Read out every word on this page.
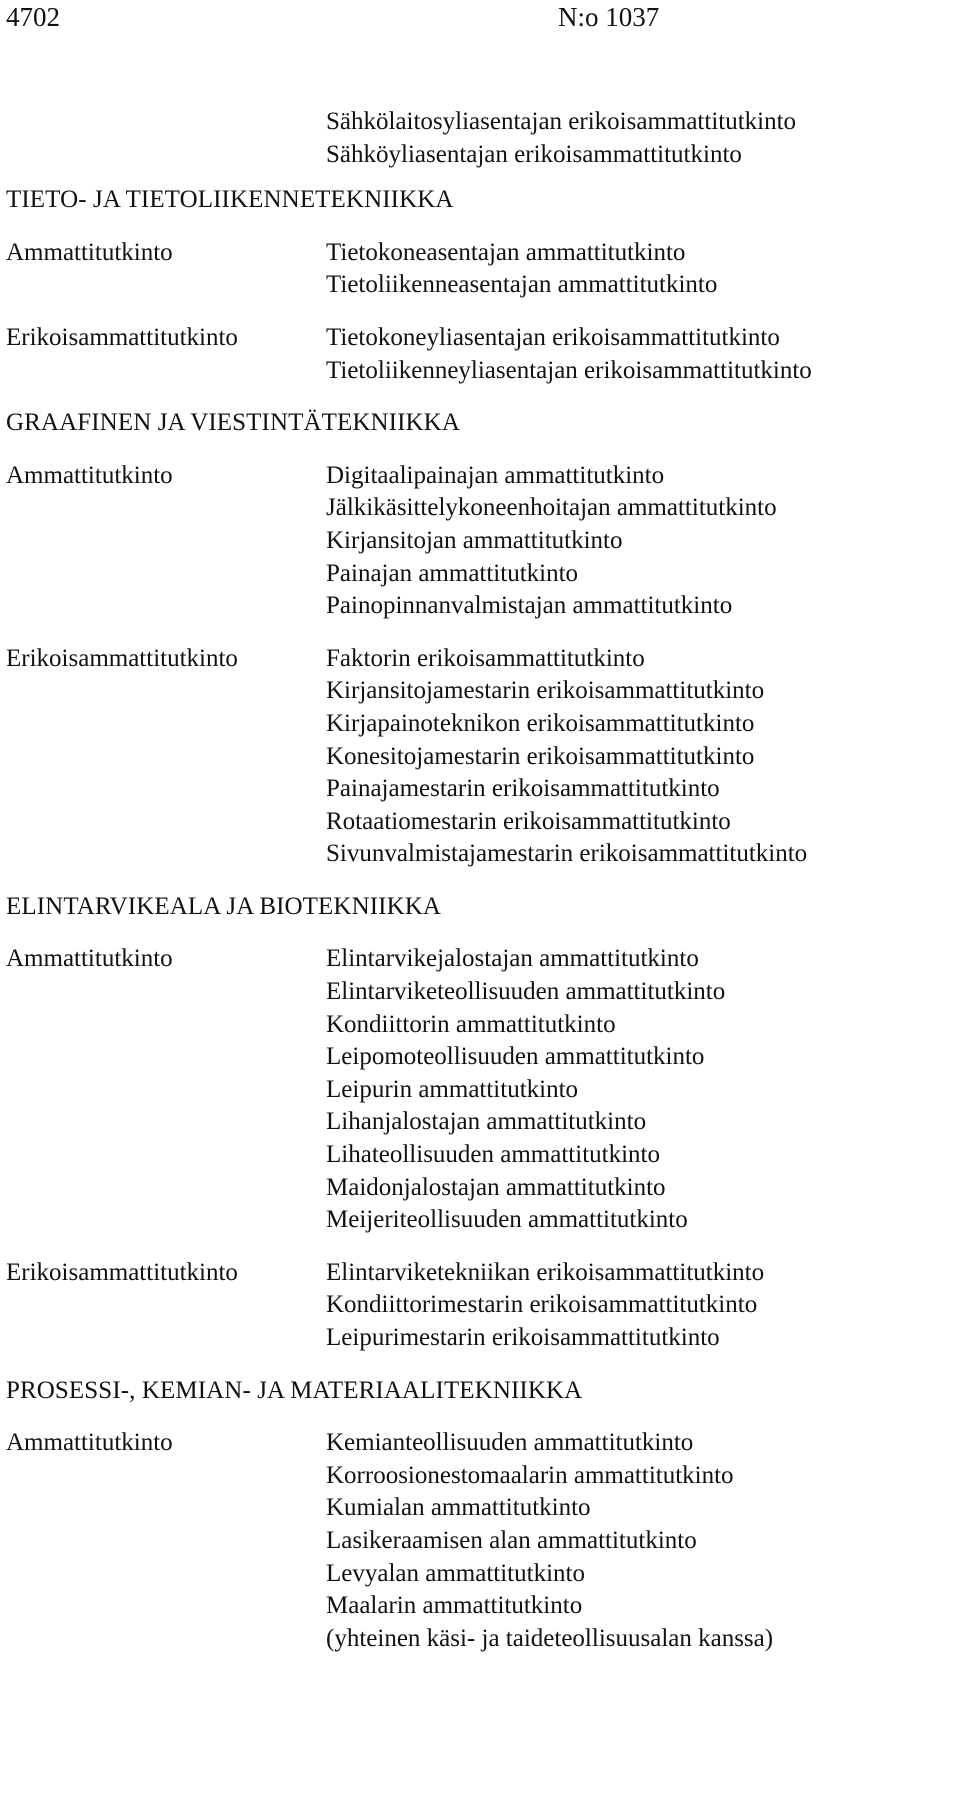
4702	N:o 1037
Sähkölaitosyliasentajan erikoisammattitutkinto
Sähköyliasentajan erikoisammattitutkinto
TIETO- JA TIETOLIIKENNETEKNIIKKA
Ammattitutkinto	Tietokoneasentajan ammattitutkinto
Tietoliikenneasentajan ammattitutkinto
Erikoisammattitutkinto	Tietokoneyliasentajan erikoisammattitutkinto
Tietoliikenneyliasentajan erikoisammattitutkinto
GRAAFINEN JA VIESTINTÄTEKNIIKKA
Ammattitutkinto	Digitaalipainajan ammattitutkinto
Jälkikäsittelykoneenhoitajan ammattitutkinto
Kirjansitojan ammattitutkinto
Painajan ammattitutkinto
Painopinnanvalmistajan ammattitutkinto
Erikoisammattitutkinto	Faktorin erikoisammattitutkinto
Kirjansitojamestarin erikoisammattitutkinto
Kirjapainoteknikon erikoisammattitutkinto
Konesitojamestarin erikoisammattitutkinto
Painajamestarin erikoisammattitutkinto
Rotaatiomestarin erikoisammattitutkinto
Sivunvalmistajamestarin erikoisammattitutkinto
ELINTARVIKEALA JA BIOTEKNIIKKA
Ammattitutkinto	Elintarvikejalostajan ammattitutkinto
Elintarviketeollisuuden ammattitutkinto
Kondiittorin ammattitutkinto
Leipomoteollisuuden ammattitutkinto
Leipurin ammattitutkinto
Lihanjalostajan ammattitutkinto
Lihateollisuuden ammattitutkinto
Maidonjalostajan ammattitutkinto
Meijeriteollisuuden ammattitutkinto
Erikoisammattitutkinto	Elintarviketekniikan erikoisammattitutkinto
Kondiittorimestarin erikoisammattitutkinto
Leipurimestarin erikoisammattitutkinto
PROSESSI-, KEMIAN- JA MATERIAALITEKNIIKKA
Ammattitutkinto	Kemianteollisuuden ammattitutkinto
Korroosionestomaalarin ammattitutkinto
Kumialan ammattitutkinto
Lasikeraamisen alan ammattitutkinto
Levyalan ammattitutkinto
Maalarin ammattitutkinto
(yhteinen käsi- ja taideteollisuusalan kanssa)
